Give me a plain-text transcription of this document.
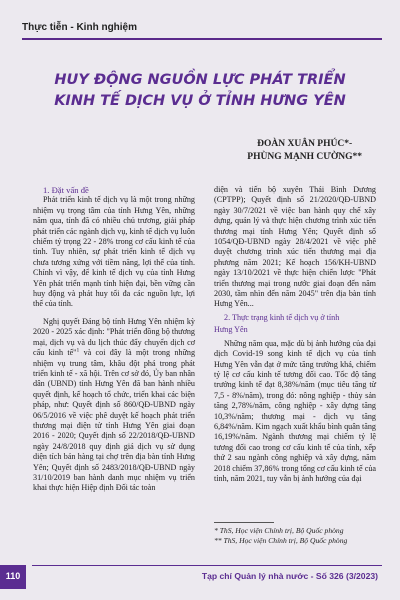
Thực tiễn - Kinh nghiệm
HUY ĐỘNG NGUỒN LỰC PHÁT TRIỂN
KINH TẾ DỊCH VỤ Ở TỈNH HƯNG YÊN
ĐOÀN XUÂN PHÚC*-
PHÙNG MẠNH CƯỜNG**

1. Đặt vấn đề

Phát triển kinh tế dịch vụ là một trong những nhiệm vụ trọng tâm của tỉnh Hưng Yên, những năm qua, tỉnh đã có nhiều chủ trương, giải pháp phát triển các ngành dịch vụ, kinh tế dịch vụ luôn chiếm tỷ trọng 22 - 28% trong cơ cấu kinh tế của tỉnh. Tuy nhiên, sự phát triển kinh tế dịch vụ chưa tương xứng với tiềm năng, lợi thế của tỉnh. Chính vì vậy, để kinh tế dịch vụ của tỉnh Hưng Yên phát triển mạnh tính hiện đại, bền vững cần huy động và phát huy tối đa các nguồn lực, lợi thế của tỉnh.

Nghị quyết Đảng bộ tỉnh Hưng Yên nhiệm kỳ 2020 - 2025 xác định: "Phát triển đồng bộ thương mại, dịch vụ và du lịch thúc đẩy chuyển dịch cơ cấu kinh tế"$^1$ và coi đây là một trong những nhiệm vụ trung tâm, khâu đột phá trong phát triển kinh tế - xã hội. Trên cơ sở đó, Ủy ban nhân dân (UBND) tỉnh Hưng Yên đã ban hành nhiều quyết định, kế hoạch tổ chức, triển khai các biện pháp, như: Quyết định số 860/QĐ-UBND ngày 06/5/2016 về việc phê duyệt kế hoạch phát triển thương mại điện tử tỉnh Hưng Yên giai đoạn 2016 - 2020; Quyết định số 22/2018/QĐ-UBND ngày 24/8/2018 quy định giá dịch vụ sử dụng diện tích bán hàng tại chợ trên địa bàn tỉnh Hưng Yên; Quyết định số 2483/2018/QĐ-UBND ngày 31/10/2019 ban hành danh mục nhiệm vụ triển khai thực hiện Hiệp định Đối tác toàn

diện và tiến bộ xuyên Thái Bình Dương (CPTPP); Quyết định số 21/2020/QĐ-UBND ngày 30/7/2021 về việc ban hành quy chế xây dựng, quản lý và thực hiện chương trình xúc tiến thương mại tỉnh Hưng Yên; Quyết định số 1054/QĐ-UBND ngày 28/4/2021 về việc phê duyệt chương trình xúc tiến thương mại địa phương năm 2021; Kế hoạch 156/KH-UBND ngày 13/10/2021 về thực hiện chiến lược "Phát triển thương mại trong nước giai đoạn đến năm 2030, tầm nhìn đến năm 2045" trên địa bàn tỉnh Hưng Yên...

2. Thực trạng kinh tế dịch vụ ở tỉnh

Hưng Yên

Những năm qua, mặc dù bị ảnh hưởng của đại dịch Covid-19 song kinh tế dịch vụ của tỉnh Hưng Yên vẫn đạt ở mức tăng trưởng khá, chiếm tỷ lệ cơ cấu kinh tế tương đối cao. Tốc độ tăng trưởng kinh tế đạt 8,38%/năm (mục tiêu tăng từ 7,5 - 8%/năm), trong đó: nông nghiệp - thủy sản tăng 2,78%/năm, công nghiệp - xây dựng tăng 10,3%/năm; thương mại - dịch vụ tăng 6,84%/năm. Kim ngạch xuất khẩu bình quân tăng 16,19%/năm. Ngành thương mại chiếm tỷ lệ tương đối cao trong cơ cấu kinh tế của tỉnh, xếp thứ 2 sau ngành công nghiệp và xây dựng, năm 2018 chiếm 37,86% trong tổng cơ cấu kinh tế của tỉnh, năm 2021, tuy vẫn bị ảnh hưởng của đại

* ThS, Học viện Chính trị, Bộ Quốc phòng
** ThS, Học viện Chính trị, Bộ Quốc phòng
110	Tạp chí Quản lý nhà nước - Số 326 (3/2023)
